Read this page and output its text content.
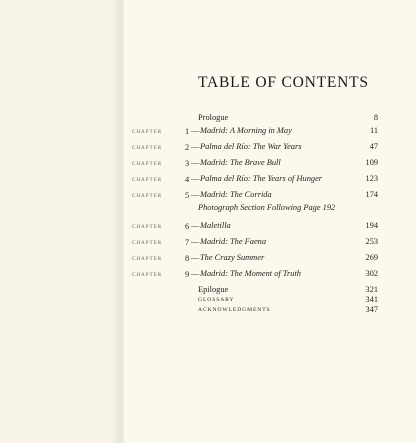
TABLE OF CONTENTS
Prologue	8
CHAPTER	1 — Madrid: A Morning in May	11
CHAPTER	2 — Palma del Río: The War Years	47
CHAPTER	3 — Madrid: The Brave Bull	109
CHAPTER	4 — Palma del Río: The Years of Hunger	123
CHAPTER	5 — Madrid: The Corrida	174
Photograph Section Following Page 192
CHAPTER	6 — Maletilla	194
CHAPTER	7 — Madrid: The Faena	253
CHAPTER	8 — The Crazy Summer	269
CHAPTER	9 — Madrid: The Moment of Truth	302
Epilogue	321
GLOSSARY	341
ACKNOWLEDGMENTS	347
